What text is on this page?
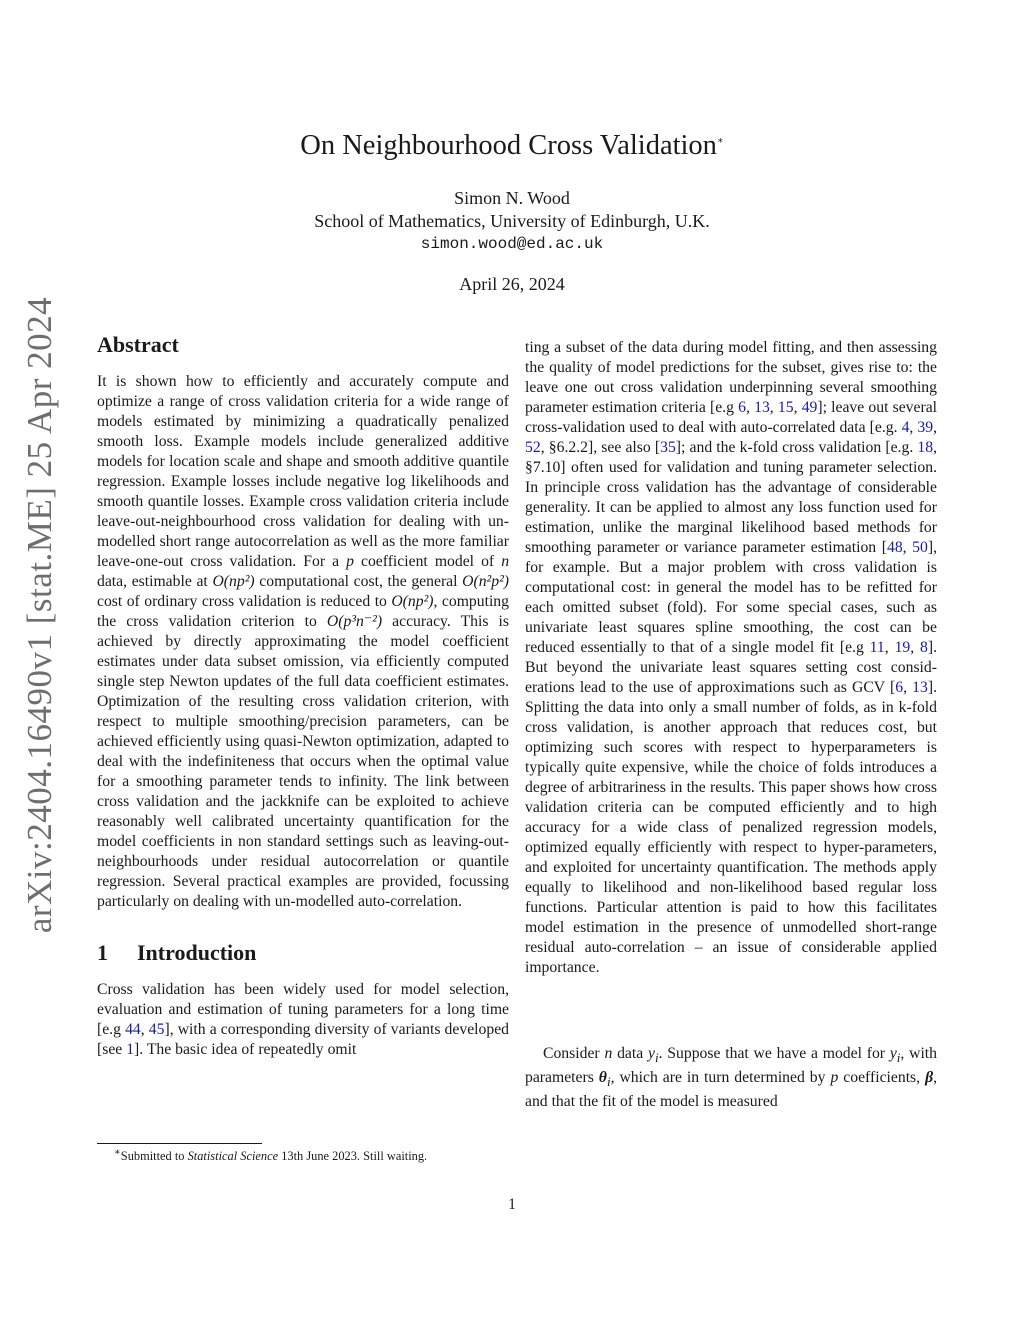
arXiv:2404.16490v1 [stat.ME] 25 Apr 2024
On Neighbourhood Cross Validation∗
Simon N. Wood
School of Mathematics, University of Edinburgh, U.K.
simon.wood@ed.ac.uk
April 26, 2024
Abstract

It is shown how to efficiently and accurately compute and optimize a range of cross validation criteria for a wide range of models estimated by minimizing a quadratically penalized smooth loss. Example models include generalized additive models for location scale and shape and smooth additive quantile regression. Example losses include negative log likelihoods and smooth quantile losses. Example cross validation criteria include leave-out-neighbourhood cross validation for dealing with un-modelled short range autocorrelation as well as the more familiar leave-one-out cross validation. For a p coefficient model of n data, estimable at O(np²) computational cost, the general O(n²p²) cost of ordinary cross validation is reduced to O(np²), computing the cross validation criterion to O(p³n⁻²) accuracy. This is achieved by directly approximating the model coefficient estimates under data subset omission, via efficiently computed single step Newton updates of the full data coefficient estimates. Optimization of the resulting cross validation criterion, with respect to multiple smoothing/precision parameters, can be achieved efficiently using quasi-Newton optimization, adapted to deal with the indefiniteness that occurs when the optimal value for a smoothing parameter tends to infinity. The link between cross validation and the jackknife can be exploited to achieve reasonably well calibrated uncertainty quantification for the model coefficients in non standard settings such as leaving-out-neighbourhoods under residual autocorrelation or quantile regression. Several practical examples are provided, focussing particularly on dealing with un-modelled auto-correlation.

1 Introduction

Cross validation has been widely used for model selection, evaluation and estimation of tuning parameters for a long time [e.g 44, 45], with a corresponding diversity of variants developed [see 1]. The basic idea of repeatedly omit

ting a subset of the data during model fitting, and then assessing the quality of model predictions for the subset, gives rise to: the leave one out cross validation underpinning several smoothing parameter estimation criteria [e.g 6, 13, 15, 49]; leave out several cross-validation used to deal with auto-correlated data [e.g. 4, 39, 52, §6.2.2], see also [35]; and the k-fold cross validation [e.g. 18, §7.10] often used for validation and tuning parameter selection. In principle cross validation has the advantage of considerable generality. It can be applied to almost any loss function used for estimation, unlike the marginal likelihood based methods for smoothing parameter or variance parameter estimation [48, 50], for example. But a major problem with cross validation is computational cost: in general the model has to be refitted for each omitted subset (fold). For some special cases, such as univariate least squares spline smoothing, the cost can be reduced essentially to that of a single model fit [e.g 11, 19, 8]. But beyond the univariate least squares setting cost considerations lead to the use of approximations such as GCV [6, 13]. Splitting the data into only a small number of folds, as in k-fold cross validation, is another approach that reduces cost, but optimizing such scores with respect to hyperparameters is typically quite expensive, while the choice of folds introduces a degree of arbitrariness in the results. This paper shows how cross validation criteria can be computed efficiently and to high accuracy for a wide class of penalized regression models, optimized equally efficiently with respect to hyper-parameters, and exploited for uncertainty quantification. The methods apply equally to likelihood and non-likelihood based regular loss functions. Particular attention is paid to how this facilitates model estimation in the presence of unmodelled short-range residual auto-correlation – an issue of considerable applied importance.

Consider n data $y_i$. Suppose that we have a model for $y_i$, with parameters $\theta_i$, which are in turn determined by p coefficients, β, and that the fit of the model is measured

∗Submitted to Statistical Science 13th June 2023. Still waiting.
1
